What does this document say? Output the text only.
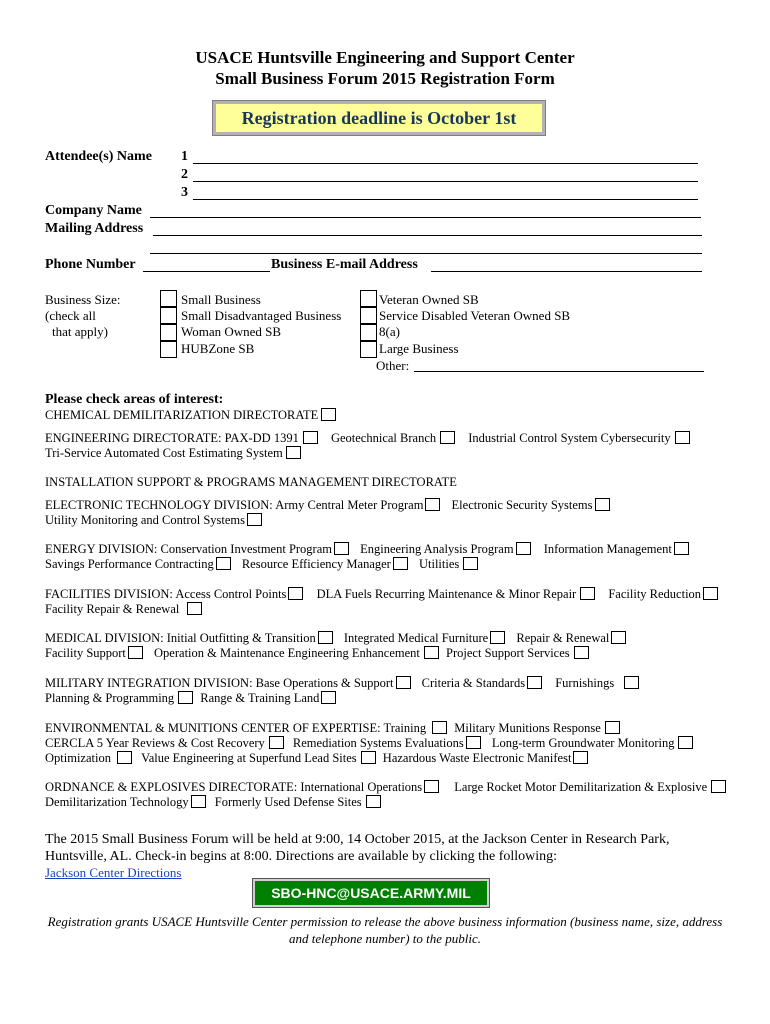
USACE Huntsville Engineering and Support Center
Small Business Forum 2015 Registration Form
Registration deadline is October 1st
Attendee(s) Name 1
2
3
Company Name
Mailing Address
Phone Number	Business E-mail Address
Business Size:
(check all
that apply)
Small Business
Small Disadvantaged Business
Woman Owned SB
HUBZone SB
Veteran Owned SB
Service Disabled Veteran Owned SB
8(a)
Large Business
Other:
Please check areas of interest:
CHEMICAL DEMILITARIZATION DIRECTORATE
ENGINEERING DIRECTORATE: PAX-DD 1391	Geotechnical Branch	Industrial Control System Cybersecurity
Tri-Service Automated Cost Estimating System
INSTALLATION SUPPORT & PROGRAMS MANAGEMENT DIRECTORATE
ELECTRONIC TECHNOLOGY DIVISION: Army Central Meter Program Electronic Security Systems
Utility Monitoring and Control Systems
ENERGY DIVISION: Conservation Investment Program Engineering Analysis Program Information Management
Savings Performance Contracting Resource Efficiency Manager Utilities
FACILITIES DIVISION: Access Control Points DLA Fuels Recurring Maintenance & Minor Repair	Facility Reduction
Facility Repair & Renewal
MEDICAL DIVISION: Initial Outfitting & Transition Integrated Medical Furniture Repair & Renewal
Facility Support Operation & Maintenance Engineering Enhancement Project Support Services
MILITARY INTEGRATION DIVISION: Base Operations & Support Criteria & Standards Furnishings
Planning & Programming Range & Training Land
ENVIRONMENTAL & MUNITIONS CENTER OF EXPERTISE: Training Military Munitions Response
CERCLA 5 Year Reviews & Cost Recovery Remediation Systems Evaluations Long-term Groundwater Monitoring
Optimization Value Engineering at Superfund Lead Sites Hazardous Waste Electronic Manifest
ORDNANCE & EXPLOSIVES DIRECTORATE: International Operations	Large Rocket Motor Demilitarization & Explosive
Demilitarization Technology Formerly Used Defense Sites
The 2015 Small Business Forum will be held at 9:00, 14 October 2015, at the Jackson Center in Research Park,
Huntsville, AL. Check-in begins at 8:00. Directions are available by clicking the following:
Jackson Center Directions
SBO-HNC@USACE.ARMY.MIL
Registration grants USACE Huntsville Center permission to release the above business information (business name, size, address and telephone number) to the public.
